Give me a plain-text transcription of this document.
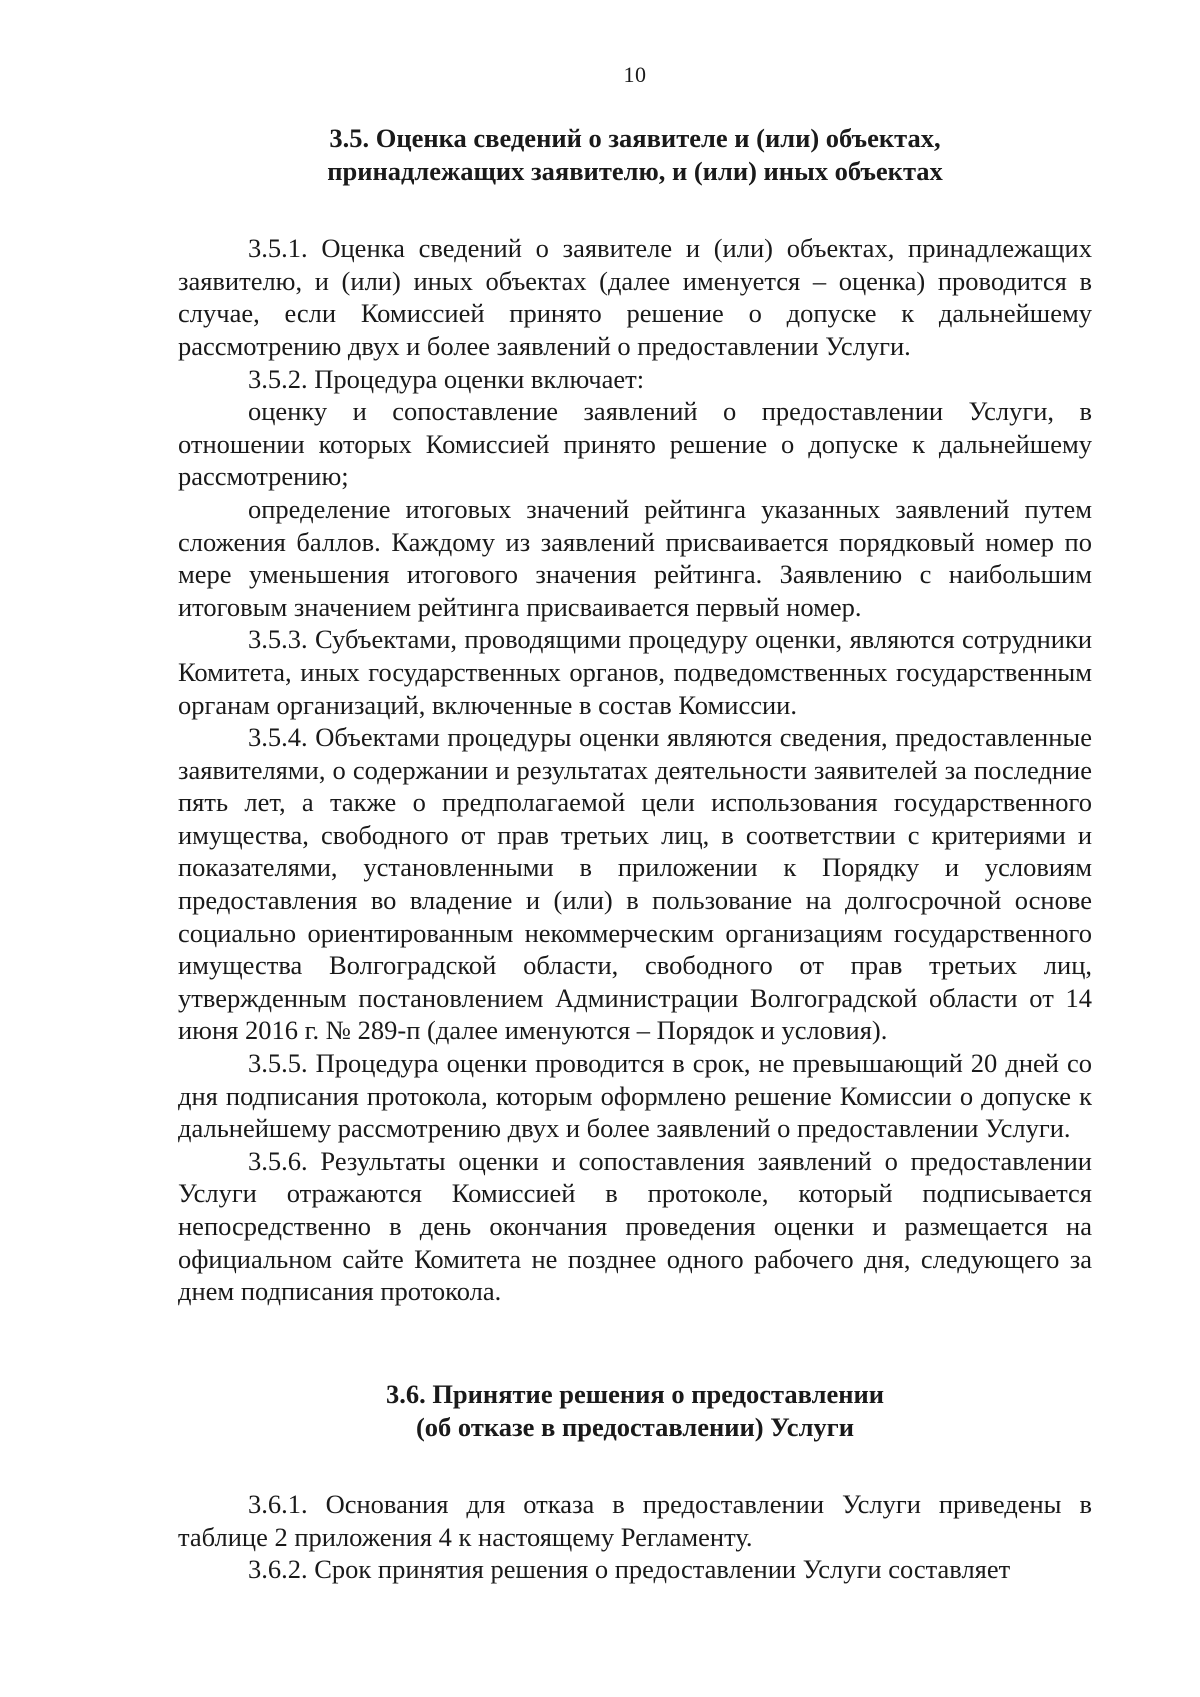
10
3.5. Оценка сведений о заявителе и (или) объектах,
принадлежащих заявителю, и (или) иных объектах

3.5.1. Оценка сведений о заявителе и (или) объектах, принадлежащих заявителю, и (или) иных объектах (далее именуется – оценка) проводится в случае, если Комиссией принято решение о допуске к дальнейшему рассмотрению двух и более заявлений о предоставлении Услуги.

3.5.2. Процедура оценки включает:

оценку и сопоставление заявлений о предоставлении Услуги, в отношении которых Комиссией принято решение о допуске к дальнейшему рассмотрению;

определение итоговых значений рейтинга указанных заявлений путем сложения баллов. Каждому из заявлений присваивается порядковый номер по мере уменьшения итогового значения рейтинга. Заявлению с наибольшим итоговым значением рейтинга присваивается первый номер.

3.5.3. Субъектами, проводящими процедуру оценки, являются сотрудники Комитета, иных государственных органов, подведомственных государственным органам организаций, включенные в состав Комиссии.

3.5.4. Объектами процедуры оценки являются сведения, предоставленные заявителями, о содержании и результатах деятельности заявителей за последние пять лет, а также о предполагаемой цели использования государственного имущества, свободного от прав третьих лиц, в соответствии с критериями и показателями, установленными в приложении к Порядку и условиям предоставления во владение и (или) в пользование на долгосрочной основе социально ориентированным некоммерческим организациям государственного имущества Волгоградской области, свободного от прав третьих лиц, утвержденным постановлением Администрации Волгоградской области от 14 июня 2016 г. № 289-п (далее именуются – Порядок и условия).

3.5.5. Процедура оценки проводится в срок, не превышающий 20 дней со дня подписания протокола, которым оформлено решение Комиссии о допуске к дальнейшему рассмотрению двух и более заявлений о предоставлении Услуги.

3.5.6. Результаты оценки и сопоставления заявлений о предоставлении Услуги отражаются Комиссией в протоколе, который подписывается непосредственно в день окончания проведения оценки и размещается на официальном сайте Комитета не позднее одного рабочего дня, следующего за днем подписания протокола.

3.6. Принятие решения о предоставлении
(об отказе в предоставлении) Услуги

3.6.1. Основания для отказа в предоставлении Услуги приведены в таблице 2 приложения 4 к настоящему Регламенту.

3.6.2. Срок принятия решения о предоставлении Услуги составляет
